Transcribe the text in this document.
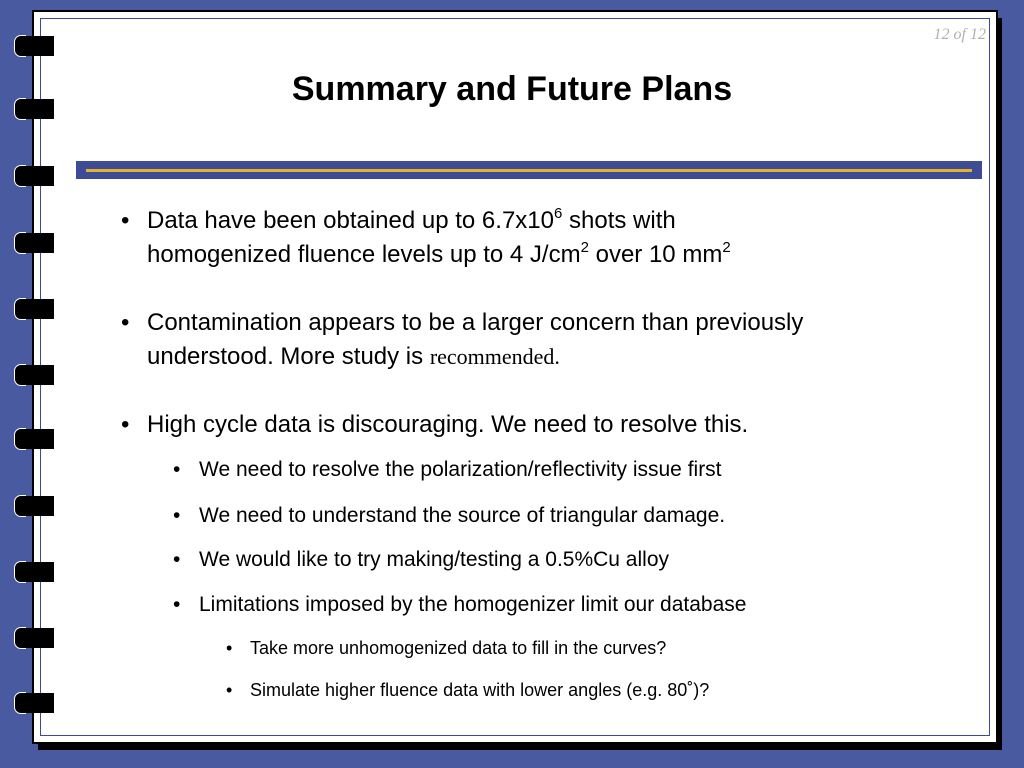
12 of 12
Summary and Future Plans
• Data have been obtained up to $6.7x10^6$ shots with
homogenized fluence levels up to 4 $J/cm^2$ over 10 $mm^2$
• Contamination appears to be a larger concern than previously
understood. More study is recommended.
• High cycle data is discouraging. We need to resolve this.
• We need to resolve the polarization/reflectivity issue first
• We need to understand the source of triangular damage.
• We would like to try making/testing a 0.5%Cu alloy
• Limitations imposed by the homogenizer limit our database
• Take more unhomogenized data to fill in the curves?
• Simulate higher fluence data with lower angles (e.g. 80˚)?
